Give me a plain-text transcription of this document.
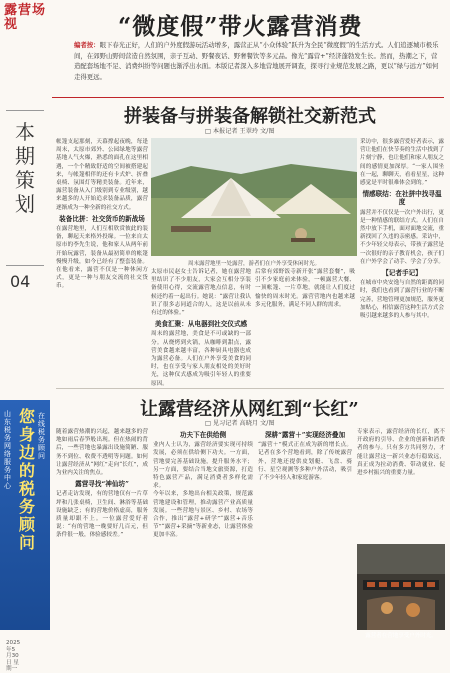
露营场视	“微度假”带火露营消费
编者按：眼下春光正好，人们的户外度假游玩活动增多，露营正从“小众体验”跃升为全民“微度假”的生活方式。人们追逐城市极乐间，在郊野山野间营造自然氛围，亲子互动、野餐夜话、野奢餐饮等多元品。像光“露营+”经济蓬勃发生长。然而，热潮之下，营造配套场地不足、消费纠纷等问题也渐浮出水面。本版记者深入多地营地展开调查，探寻行业规范发展之路，更以“绿与远方”如何走得更远。
本期策划
04
山东税务网络服务 中心
您身边的税务顾问
在线 税务 顾问
2025年5月30日 星期一
拼装备与拼装备解锁社交新范式
□ 本报记者 王翠玲 文/图

帐篷支起那刻，天幕撑起夜晚，每逢周末，太原市郊外、公园绿地等露营基地人气火爆，熟悉的面孔在这里相遇，一个个精致舒适的空间被搭建起来，与帐篷相伴的还有卡式炉、折叠桌椅、氛围灯等精美装备。近年来，露营装备从入门级别到专业级别，越来越多的人开始追求装备品质，露营逐渐成为一种全新的社交方式。

装备比拼：社交货币的新战场

在露营地里，人们互相欣赏彼此的装备，聊起天来格外投缘。一位来自太原市的李先生说，他和家人从两年前开始玩露营，装备从最初简单的帐篷慢慢升级，如今已经有了整套装备。在他看来，露营不仅是一种休闲方式，更是一种与朋友交流的社交货币。

周末露营地里一处露营，游者们在户外享受休闲时光。

太原市民赵女士告诉记者，她在露营地里结识了不少朋友，大家会互相分享装备使用心得，交流露营地点信息，有时候还约着一起出行。她说：“露营让我认识了很多志同道合的人，这是以前从未有过的体验。”

美食汇聚：从电器到社交仪式感

周末的露营地，美食是不可或缺的一部分。从烧烤到火锅，从咖啡到甜点，露营美食越来越丰富，各种厨具电器也成为露营必备。人们在户外享受美食的同时，也在享受与家人朋友相处的美好时光，这种仪式感成为吸引年轻人的重要原因。

后常有郊野饭寺新开张“露营套餐”，吸引不少家庭前来体验，一顿露营大餐、一顶帐篷、一片草地，就能让人们度过愉快的周末时光。露营营地内也越来越多元化服务，满足不同人群的需求。

采访中，很多露营爱好者表示，露营让他们在快节奏的生活中找到了片刻宁静，也让他们和家人朋友之间的感情更加深厚。“一家人围坐在一起，聊聊天，看看星星，这种感觉是平时很难体会到的。”

情感联结：在社拼中找寻温度

露营并不仅仅是一次户外出行，更是一种情感的联结方式。人们在自然中放下手机，面对面地交流，重新找回了久违的亲密感。采访中，不少年轻父母表示，带孩子露营是一次很好的亲子教育机会，孩子们在户外学会了动手、学会了分享。

【记者手记】

在城市中央安逸与自然的距离的同时，我们也看到了露营行业的不断完善，营地管理更加规范，服务更加贴心，相信露营这种生活方式会吸引越来越多的人参与其中。

让露营经济从网红到“长红”
□ 见习记者 高晓月 文/图

随着露营热潮的兴起，越来越多的营地如雨后春笋般出现。但在热闹的背后，一些营地也暴露出设施简陋、服务不到位、收费不透明等问题。如何让露营经济从“网红”走向“长红”，成为业内关注的焦点。

露营寻找“神仙坊”

记者走访发现，有的营地仅有一片草坪和几张桌椅，卫生间、淋浴等基础设施缺乏；有的营地价格虚高，服务质量却跟不上。一位露营爱好者说：“有的营地一晚要好几百元，但条件很一般，体验感较差。”

功夫下在供给侧

业内人士认为，露营经济要实现可持续发展，必须在供给侧下功夫。一方面，营地要完善基础设施，提升服务水平；另一方面，要结合当地文旅资源，打造特色露营产品，满足消费者多样化需求。

今年以来，多地出台相关政策，规范露营地建设和管理，推动露营产业高质量发展。一些营地与景区、乡村、农场等合作，推出“露营+研学”“露营+音乐节”“露营+采摘”等新业态，让露营体验更加丰富。

深耕“露营＋”实现经济叠加

“露营＋”模式正在成为新的增长点。记者在多个营地看到，除了传统露营外，营地还提供皮划艇、飞盘、骑行、星空观测等多种户外活动，吸引了不少年轻人和家庭游客。

专家表示，露营经济的长红，离不开政府的引导、企业的创新和消费者的参与。只有多方共同努力，才能让露营这一新兴业态行稳致远，真正成为拉动消费、带动就业、促进乡村振兴的重要力量。

露营者在营地享受户外时光。
